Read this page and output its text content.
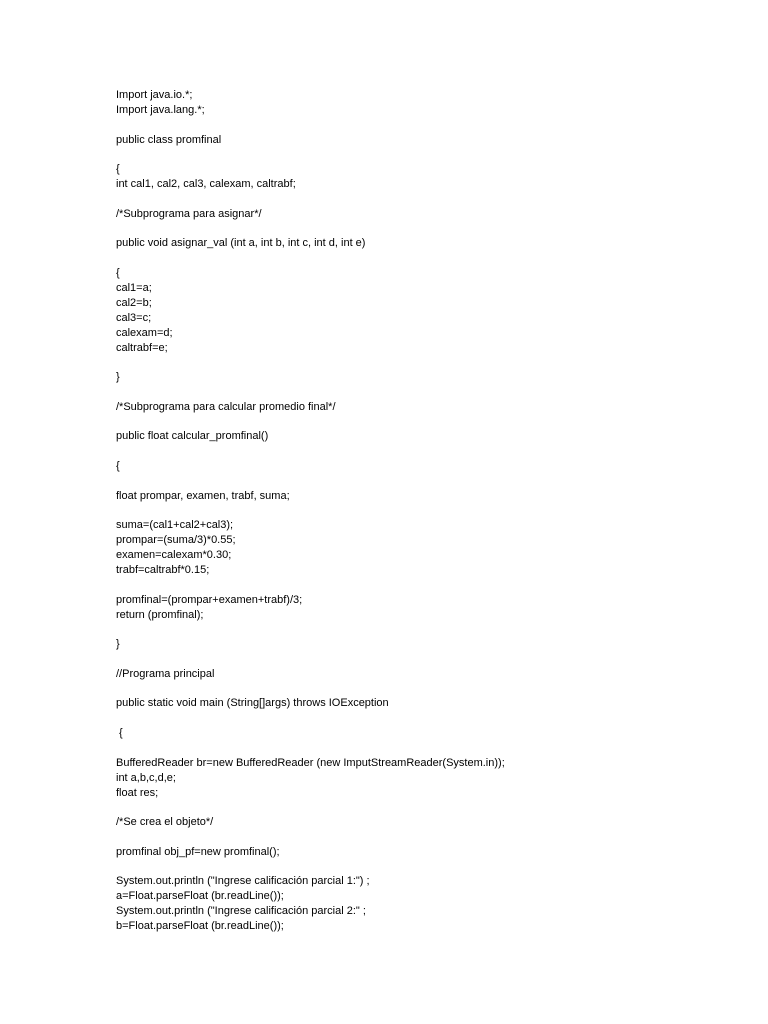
Import java.io.*;
Import java.lang.*;
public class promfinal
{
int cal1, cal2, cal3, calexam, caltrabf;
/*Subprograma para asignar*/
public void asignar_val (int a, int b, int c, int d, int e)
{
cal1=a;
cal2=b;
cal3=c;
calexam=d;
caltrabf=e;
}
/*Subprograma para calcular promedio final*/
public float calcular_promfinal()
{
float prompar, examen, trabf, suma;
suma=(cal1+cal2+cal3);
prompar=(suma/3)*0.55;
examen=calexam*0.30;
trabf=caltrabf*0.15;
promfinal=(prompar+examen+trabf)/3;
return (promfinal);
}
//Programa principal
public static void main (String[]args) throws IOException
{
BufferedReader br=new BufferedReader (new ImputStreamReader(System.in));
int a,b,c,d,e;
float res;
/*Se crea el objeto*/
promfinal obj_pf=new promfinal();
System.out.println ("Ingrese calificación parcial 1:") ;
a=Float.parseFloat (br.readLine());
System.out.println ("Ingrese calificación parcial 2:" ;
b=Float.parseFloat (br.readLine());
